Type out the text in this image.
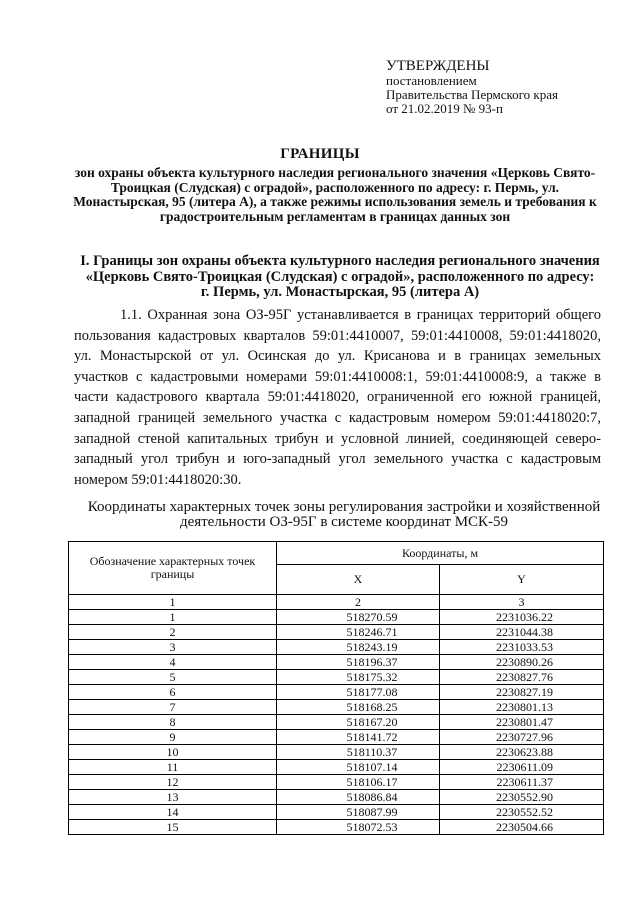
УТВЕРЖДЕНЫ
постановлением
Правительства Пермского края
от 21.02.2019 № 93-п
ГРАНИЦЫ
зон охраны объекта культурного наследия регионального значения «Церковь Свято-Троицкая (Слудская) с оградой», расположенного по адресу: г. Пермь, ул. Монастырская, 95 (литера А), а также режимы использования земель и требования к градостроительным регламентам в границах данных зон
I. Границы зон охраны объекта культурного наследия регионального значения «Церковь Свято-Троицкая (Слудская) с оградой», расположенного по адресу: г. Пермь, ул. Монастырская, 95 (литера А)
1.1. Охранная зона ОЗ-95Г устанавливается в границах территорий общего пользования кадастровых кварталов 59:01:4410007, 59:01:4410008, 59:01:4418020, ул. Монастырской от ул. Осинская до ул. Крисанова и в границах земельных участков с кадастровыми номерами 59:01:4410008:1, 59:01:4410008:9, а также в части кадастрового квартала 59:01:4418020, ограниченной его южной границей, западной границей земельного участка с кадастровым номером 59:01:4418020:7, западной стеной капитальных трибун и условной линией, соединяющей северо-западный угол трибун и юго-западный угол земельного участка с кадастровым номером 59:01:4418020:30.
Координаты характерных точек зоны регулирования застройки и хозяйственной деятельности ОЗ-95Г в системе координат МСК-59
Обозначение характерных точек границы	Координаты, м	
	X	Y
1	2	3
1	518270.59	2231036.22
2	518246.71	2231044.38
3	518243.19	2231033.53
4	518196.37	2230890.26
5	518175.32	2230827.76
6	518177.08	2230827.19
7	518168.25	2230801.13
8	518167.20	2230801.47
9	518141.72	2230727.96
10	518110.37	2230623.88
11	518107.14	2230611.09
12	518106.17	2230611.37
13	518086.84	2230552.90
14	518087.99	2230552.52
15	518072.53	2230504.66
